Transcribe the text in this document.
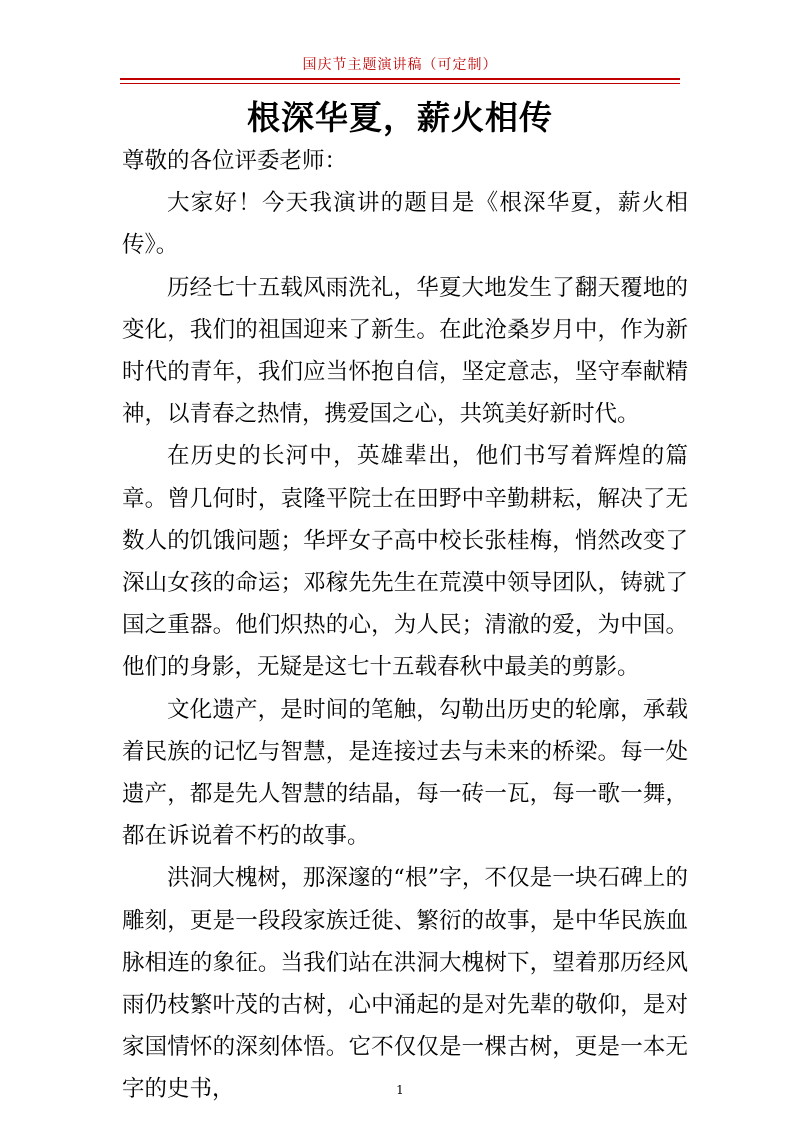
国庆节主题演讲稿（可定制）
根深华夏，薪火相传

尊敬的各位评委老师：

大家好！今天我演讲的题目是《根深华夏，薪火相传》。

历经七十五载风雨洗礼，华夏大地发生了翻天覆地的变化，我们的祖国迎来了新生。在此沧桑岁月中，作为新时代的青年，我们应当怀抱自信，坚定意志，坚守奉献精神，以青春之热情，携爱国之心，共筑美好新时代。

在历史的长河中，英雄辈出，他们书写着辉煌的篇章。曾几何时，袁隆平院士在田野中辛勤耕耘，解决了无数人的饥饿问题；华坪女子高中校长张桂梅，悄然改变了深山女孩的命运；邓稼先先生在荒漠中领导团队，铸就了国之重器。他们炽热的心，为人民；清澈的爱，为中国。他们的身影，无疑是这七十五载春秋中最美的剪影。

文化遗产，是时间的笔触，勾勒出历史的轮廓，承载着民族的记忆与智慧，是连接过去与未来的桥梁。每一处遗产，都是先人智慧的结晶，每一砖一瓦，每一歌一舞，都在诉说着不朽的故事。

洪洞大槐树，那深邃的“根”字，不仅是一块石碑上的雕刻，更是一段段家族迁徙、繁衍的故事，是中华民族血脉相连的象征。当我们站在洪洞大槐树下，望着那历经风雨仍枝繁叶茂的古树，心中涌起的是对先辈的敬仰，是对家国情怀的深刻体悟。它不仅仅是一棵古树，更是一本无字的史书，	1
